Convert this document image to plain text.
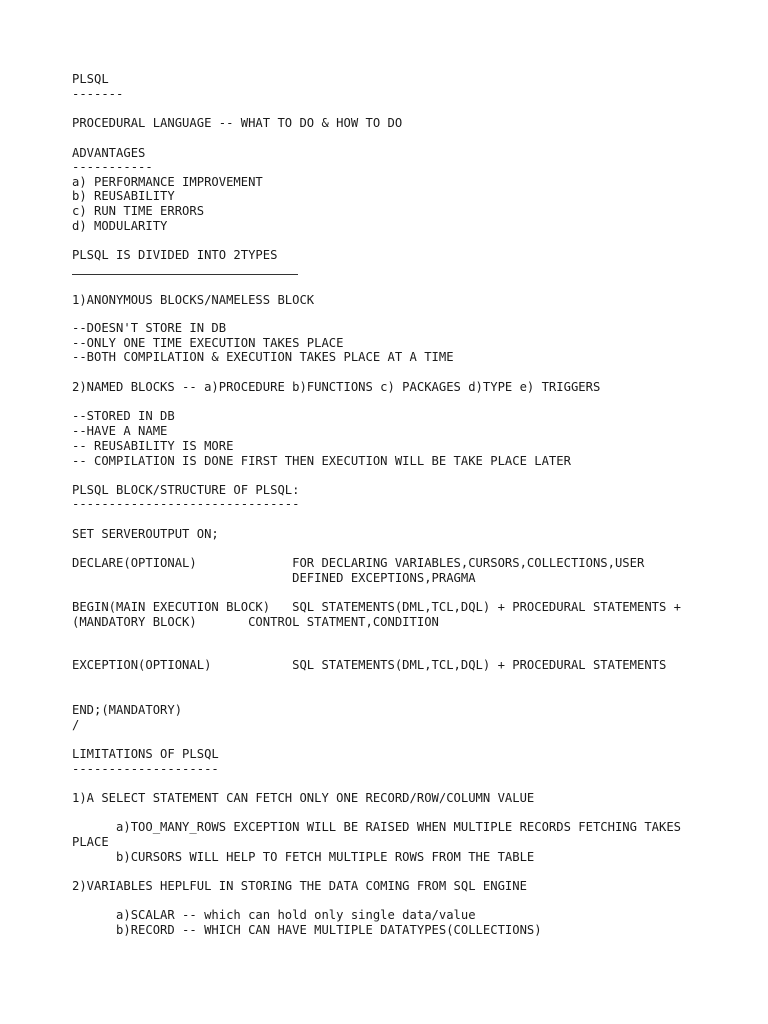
PLSQL

-------

PROCEDURAL LANGUAGE -- WHAT TO DO & HOW TO DO

ADVANTAGES

-----------

a) PERFORMANCE IMPROVEMENT

b) REUSABILITY

c) RUN TIME ERRORS

d) MODULARITY

PLSQL IS DIVIDED INTO 2TYPES

1)ANONYMOUS BLOCKS/NAMELESS BLOCK

--DOESN'T STORE IN DB

--ONLY ONE TIME EXECUTION TAKES PLACE

--BOTH COMPILATION & EXECUTION TAKES PLACE AT A TIME

2)NAMED BLOCKS -- a)PROCEDURE b)FUNCTIONS c) PACKAGES d)TYPE e) TRIGGERS

--STORED IN DB

--HAVE A NAME

-- REUSABILITY IS MORE

-- COMPILATION IS DONE FIRST THEN EXECUTION WILL BE TAKE PLACE LATER

PLSQL BLOCK/STRUCTURE OF PLSQL:

-------------------------------

SET SERVEROUTPUT ON;

DECLARE(OPTIONAL)             FOR DECLARING VARIABLES,CURSORS,COLLECTIONS,USER

DEFINED EXCEPTIONS,PRAGMA

BEGIN(MAIN EXECUTION BLOCK)   SQL STATEMENTS(DML,TCL,DQL) + PROCEDURAL STATEMENTS +

(MANDATORY BLOCK)       CONTROL STATMENT,CONDITION

EXCEPTION(OPTIONAL)           SQL STATEMENTS(DML,TCL,DQL) + PROCEDURAL STATEMENTS

END;(MANDATORY)

/

LIMITATIONS OF PLSQL

--------------------

1)A SELECT STATEMENT CAN FETCH ONLY ONE RECORD/ROW/COLUMN VALUE

a)TOO_MANY_ROWS EXCEPTION WILL BE RAISED WHEN MULTIPLE RECORDS FETCHING TAKES

PLACE

b)CURSORS WILL HELP TO FETCH MULTIPLE ROWS FROM THE TABLE

2)VARIABLES HEPLFUL IN STORING THE DATA COMING FROM SQL ENGINE

a)SCALAR -- which can hold only single data/value

b)RECORD -- WHICH CAN HAVE MULTIPLE DATATYPES(COLLECTIONS)
